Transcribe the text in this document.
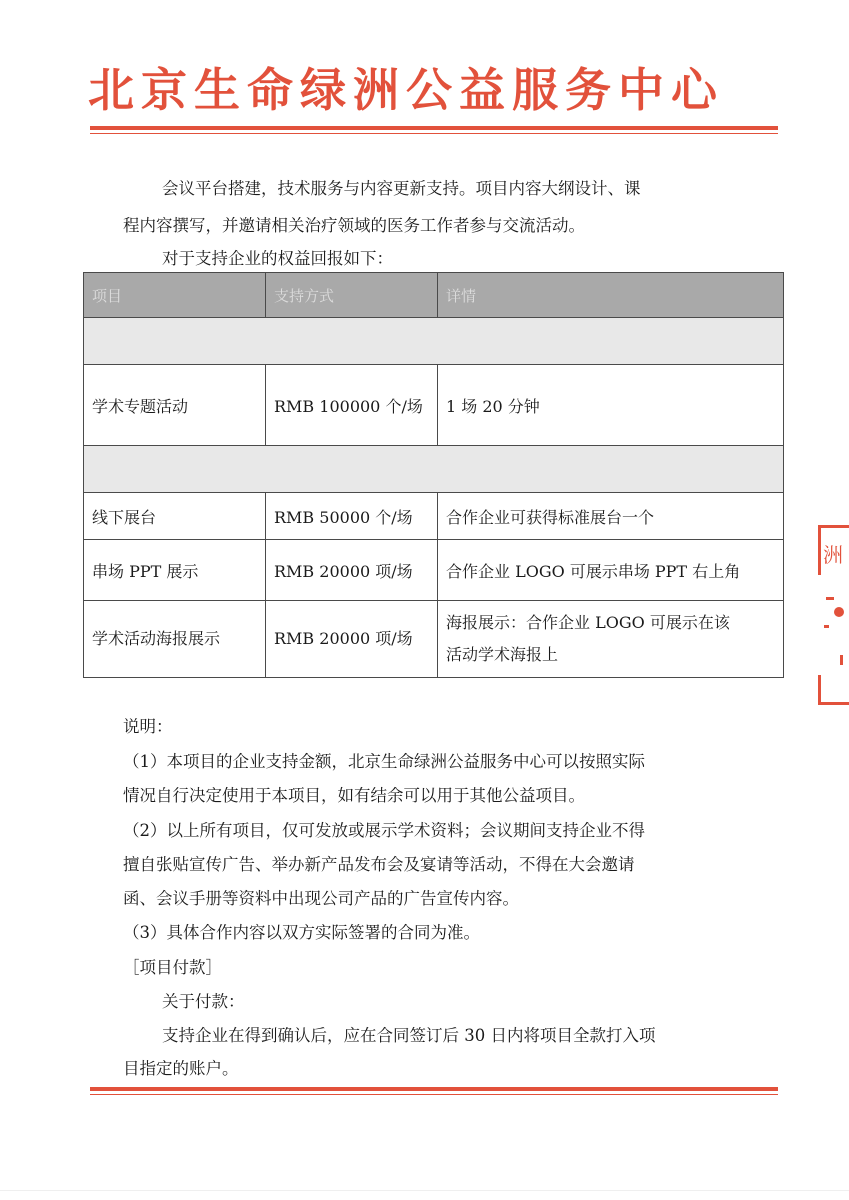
北京生命绿洲公益服务中心

会议平台搭建，技术服务与内容更新支持。项目内容大纲设计、课

程内容撰写，并邀请相关治疗领域的医务工作者参与交流活动。

对于支持企业的权益回报如下：

项目	支持方式	详情

学术专题活动	RMB 100000 个/场	1 场 20 分钟

线下展台	RMB 50000 个/场	合作企业可获得标准展台一个
串场 PPT 展示	RMB 20000 项/场	合作企业 LOGO 可展示串场 PPT 右上角
学术活动海报展示	RMB 20000 项/场	海报展示：合作企业 LOGO 可展示在该
活动学术海报上

说明：

（1）本项目的企业支持金额，北京生命绿洲公益服务中心可以按照实际

情况自行决定使用于本项目，如有结余可以用于其他公益项目。

（2）以上所有项目，仅可发放或展示学术资料；会议期间支持企业不得

擅自张贴宣传广告、举办新产品发布会及宴请等活动，不得在大会邀请

函、会议手册等资料中出现公司产品的广告宣传内容。

（3）具体合作内容以双方实际签署的合同为准。

［项目付款］

关于付款：

支持企业在得到确认后，应在合同签订后 30 日内将项目全款打入项

目指定的账户。

洲
